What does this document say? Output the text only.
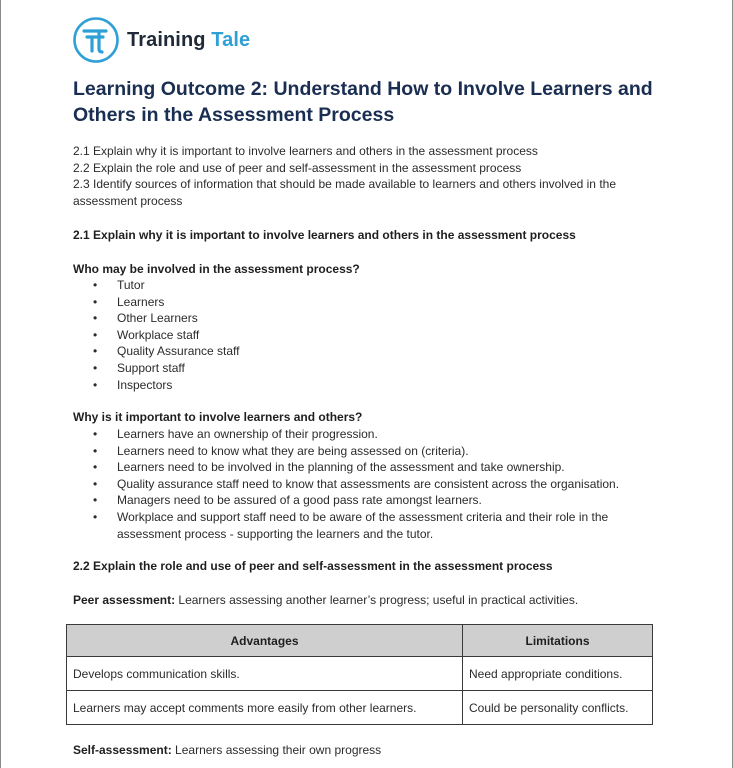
Training Tale
Learning Outcome 2: Understand How to Involve Learners and Others in the Assessment Process
2.1 Explain why it is important to involve learners and others in the assessment process
2.2 Explain the role and use of peer and self-assessment in the assessment process
2.3 Identify sources of information that should be made available to learners and others involved in the
assessment process
2.1 Explain why it is important to involve learners and others in the assessment process
Who may be involved in the assessment process?
• Tutor
• Learners
• Other Learners
• Workplace staff
• Quality Assurance staff
• Support staff
• Inspectors
Why is it important to involve learners and others?
• Learners have an ownership of their progression.
• Learners need to know what they are being assessed on (criteria).
• Learners need to be involved in the planning of the assessment and take ownership.
• Quality assurance staff need to know that assessments are consistent across the organisation.
• Managers need to be assured of a good pass rate amongst learners.
• Workplace and support staff need to be aware of the assessment criteria and their role in the assessment process - supporting the learners and the tutor.
2.2 Explain the role and use of peer and self-assessment in the assessment process
Peer assessment: Learners assessing another learner’s progress; useful in practical activities.
Advantages	Limitations
Develops communication skills.	Need appropriate conditions.
Learners may accept comments more easily from other learners.	Could be personality conflicts.
Self-assessment: Learners assessing their own progress
